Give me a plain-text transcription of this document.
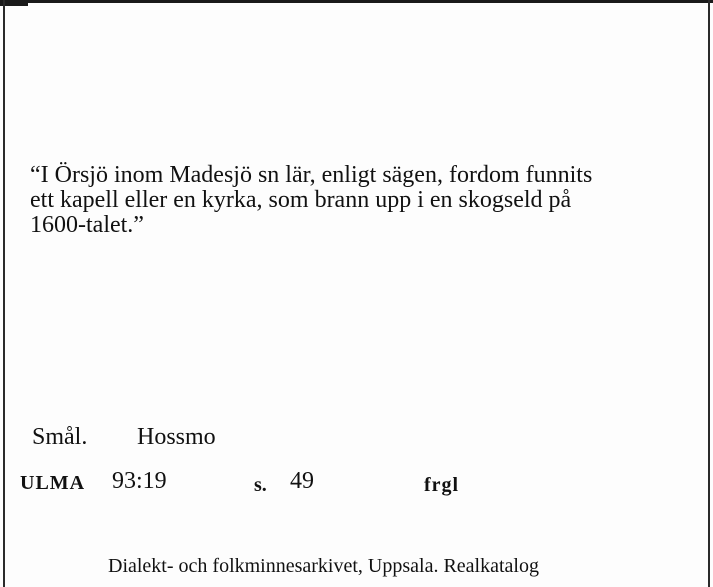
“I Örsjö inom Madesjö sn lär, enligt sägen, fordom funnits
ett kapell eller en kyrka, som brann upp i en skogseld på
1600-talet.”

Smål. Hossmo
ULMA 93:19	s. 49	frgl
Dialekt- och folkminnesarkivet, Uppsala. Realkatalog
